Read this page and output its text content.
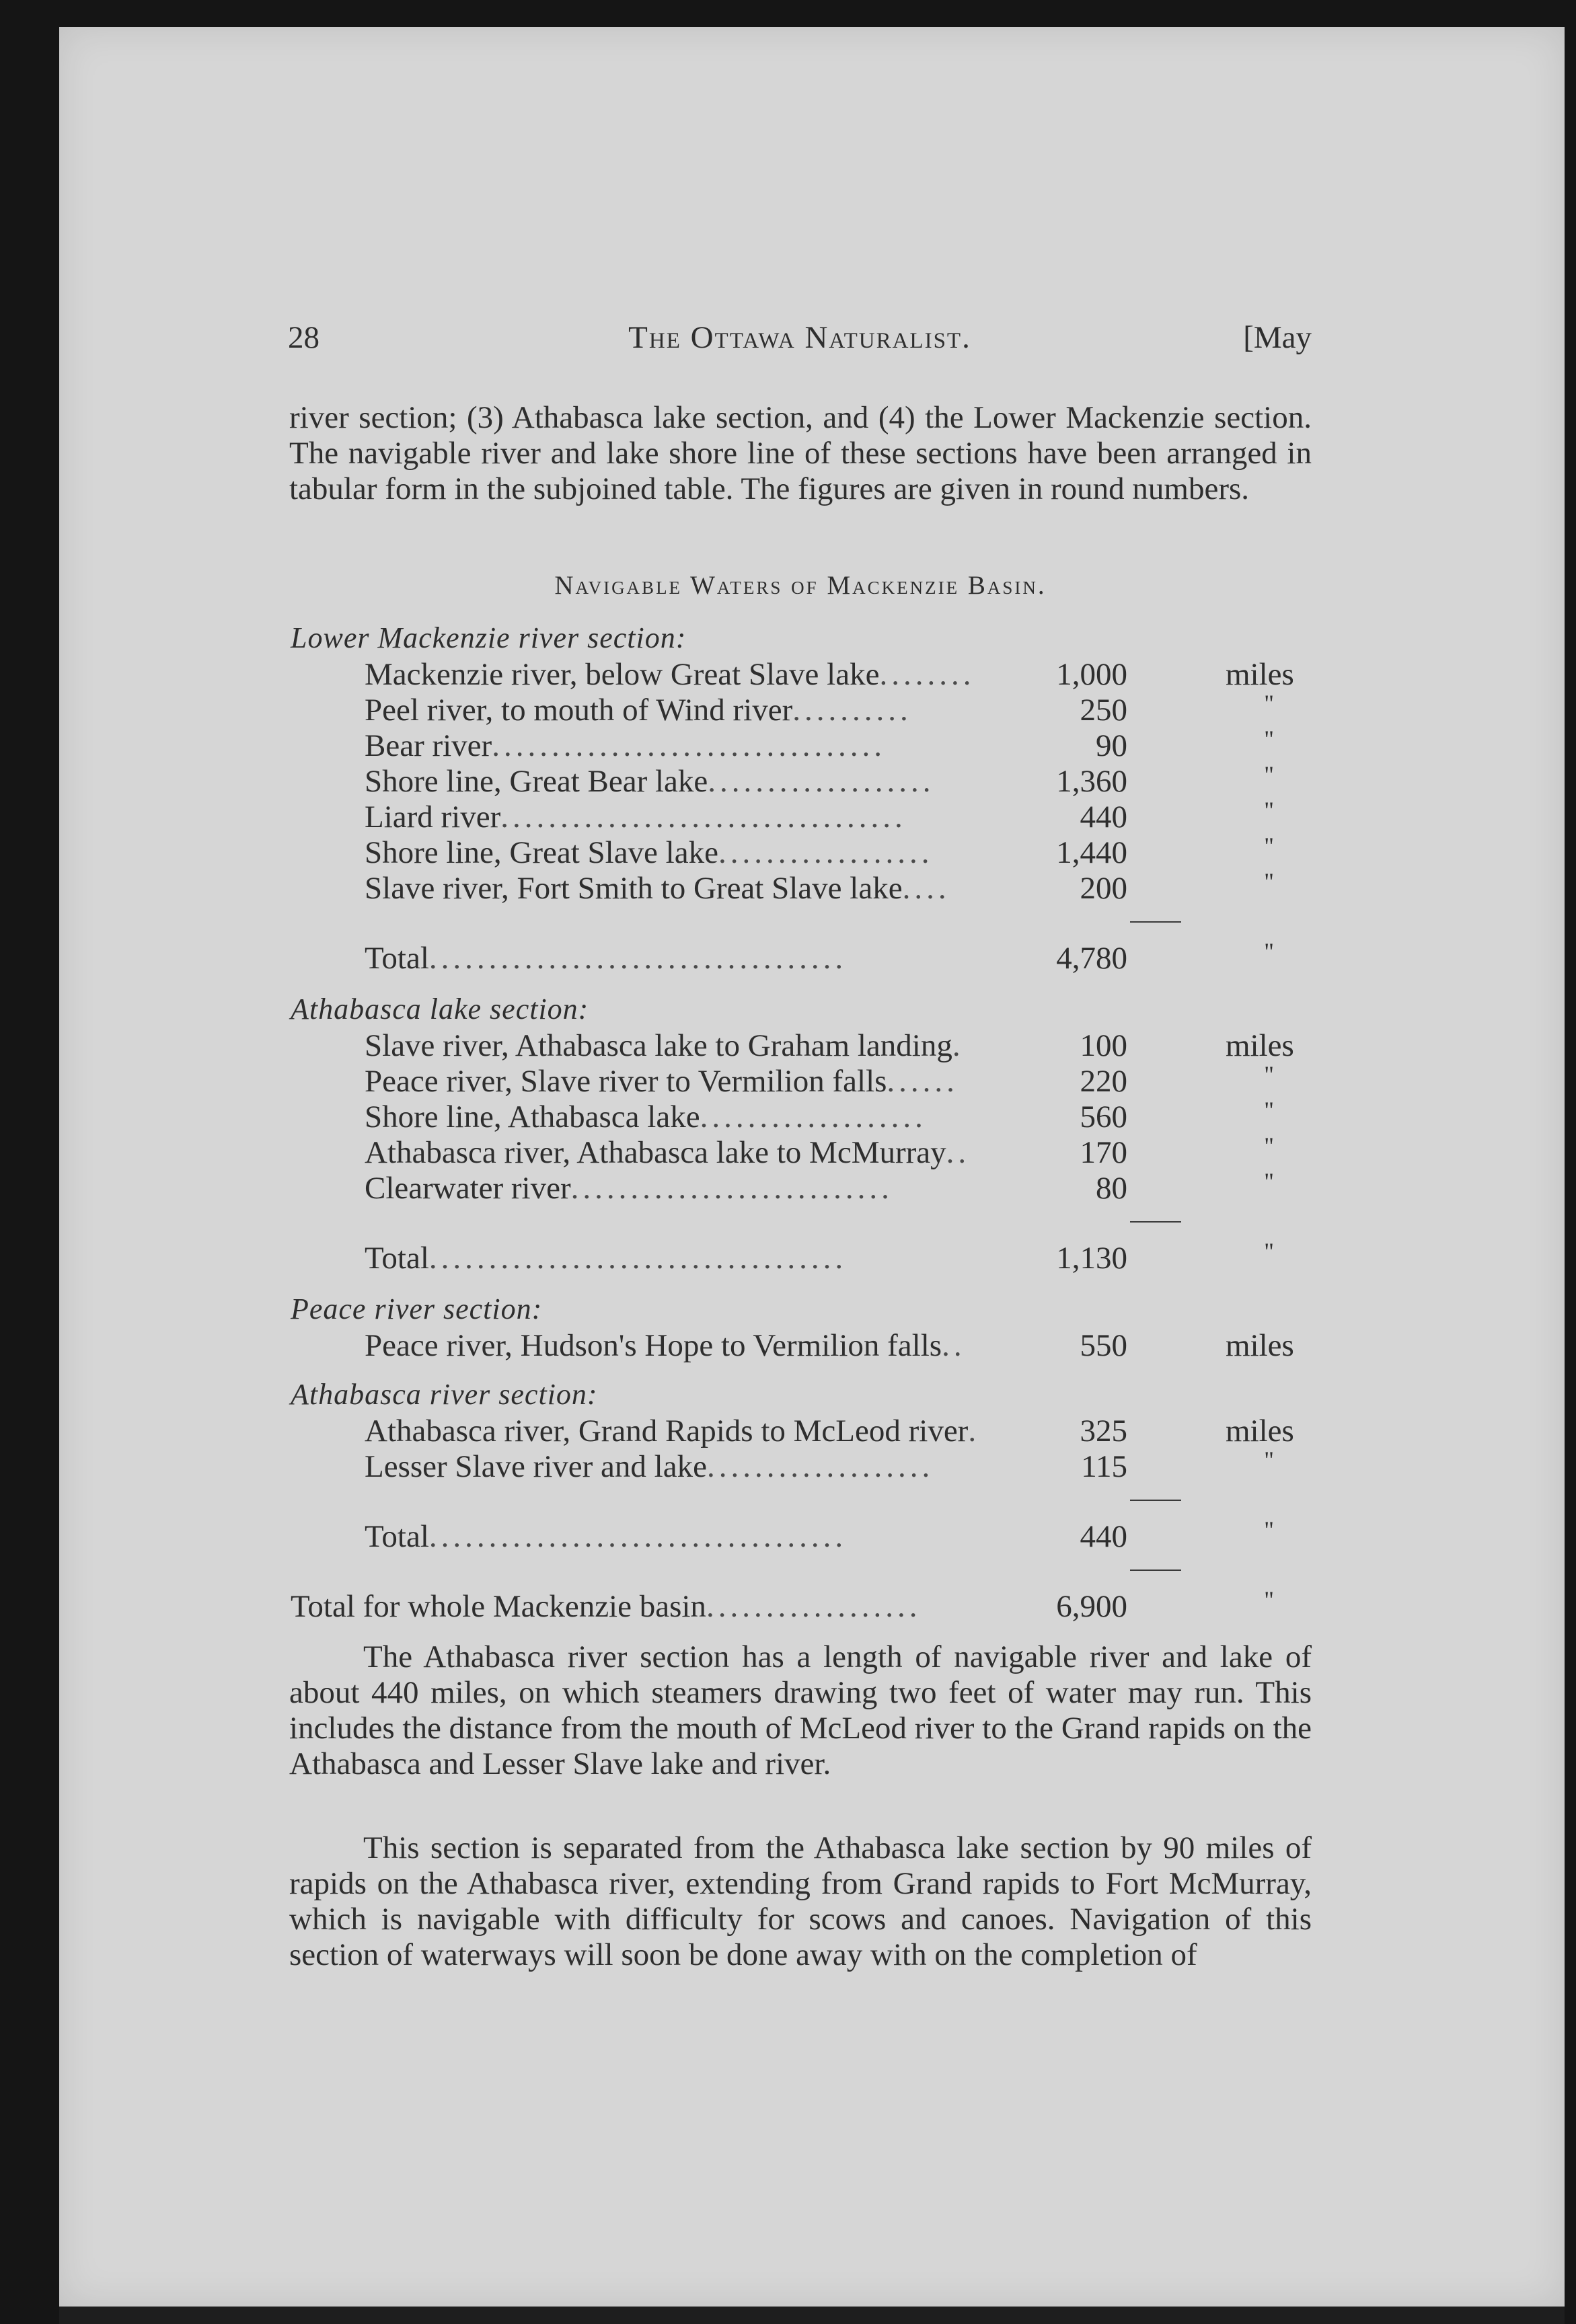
28	The Ottawa Naturalist.	[May
river section; (3) Athabasca lake section, and (4) the Lower Mackenzie section. The navigable river and lake shore line of these sections have been arranged in tabular form in the subjoined table. The figures are given in round numbers.
Navigable Waters of Mackenzie Basin.
Lower Mackenzie river section:
Mackenzie river, below Great Slave lake........	1,000	miles
Peel river, to mouth of Wind river..........	250	"
Bear river.................................	90	"
Shore line, Great Bear lake...................	1,360	"
Liard river..................................	440	"
Shore line, Great Slave lake..................	1,440	"
Slave river, Fort Smith to Great Slave lake....	200	"
Total...................................	4,780	"
Athabasca lake section:
Slave river, Athabasca lake to Graham landing.	100	miles
Peace river, Slave river to Vermilion falls......	220	"
Shore line, Athabasca lake...................	560	"
Athabasca river, Athabasca lake to McMurray..	170	"
Clearwater river...........................	80	"
Total...................................	1,130	"
Peace river section:
Peace river, Hudson's Hope to Vermilion falls..	550	miles
Athabasca river section:
Athabasca river, Grand Rapids to McLeod river.	325	miles
Lesser Slave river and lake...................	115	"
Total...................................	440	"
Total for whole Mackenzie basin..................	6,900	"
The Athabasca river section has a length of navigable river and lake of about 440 miles, on which steamers drawing two feet of water may run. This includes the distance from the mouth of McLeod river to the Grand rapids on the Athabasca and Lesser Slave lake and river.
This section is separated from the Athabasca lake section by 90 miles of rapids on the Athabasca river, extending from Grand rapids to Fort McMurray, which is navigable with difficulty for scows and canoes. Navigation of this section of waterways will soon be done away with on the completion of
